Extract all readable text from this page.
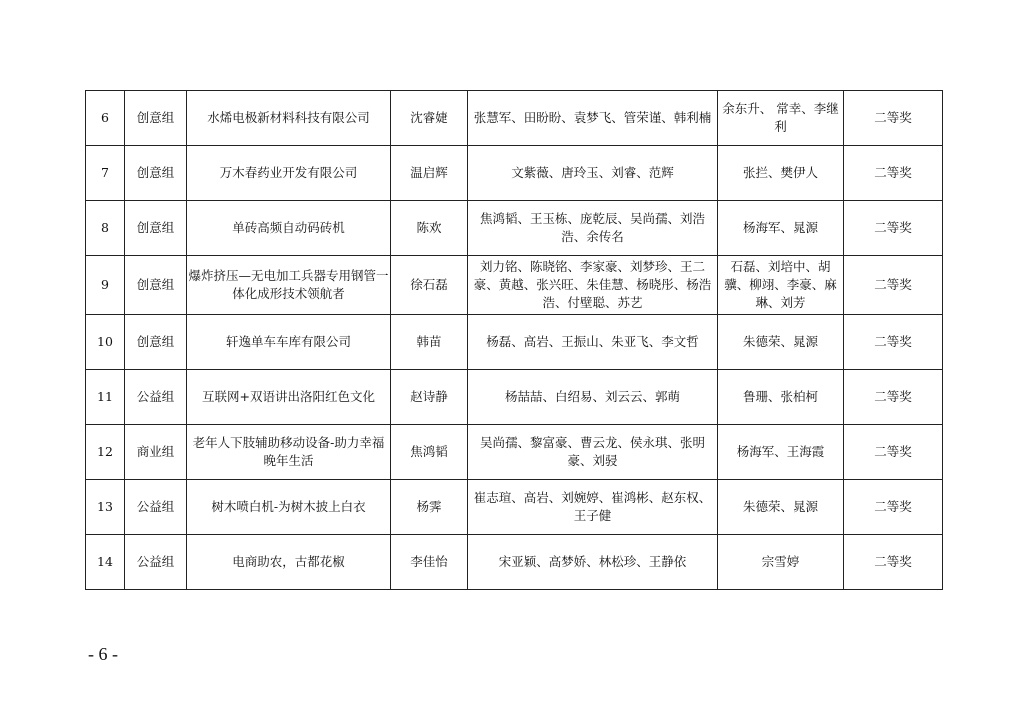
6	创意组	水烯电极新材料科技有限公司	沈睿婕	张慧军、田盼盼、袁梦飞、管荣谨、韩利楠	余东升、 常幸、李继利	二等奖
7	创意组	万木春药业开发有限公司	温启辉	文紫薇、唐玲玉、刘睿、范辉	张拦、樊伊人	二等奖
8	创意组	单砖高频自动码砖机	陈欢	焦鸿韬、王玉栋、庞乾辰、吴尚孺、刘浩浩、余传名	杨海军、晁源	二等奖
9	创意组	爆炸挤压—无电加工兵器专用钢管一体化成形技术领航者	徐石磊	刘力铭、陈晓铭、李家豪、刘梦珍、王二豪、黄越、张兴旺、朱佳慧、杨晓彤、杨浩浩、付壁聪、苏艺	石磊、刘培中、胡骥、柳翊、李豪、麻琳、刘芳	二等奖
10	创意组	轩逸单车车库有限公司	韩苗	杨磊、高岩、王振山、朱亚飞、李文哲	朱德荣、晁源	二等奖
11	公益组	互联网+双语讲出洛阳红色文化	赵诗静	杨喆喆、白绍易、刘云云、郭萌	鲁珊、张柏柯	二等奖
12	商业组	老年人下肢辅助移动设备-助力幸福晚年生活	焦鸿韬	吴尚孺、黎富豪、曹云龙、侯永琪、张明豪、刘骎	杨海军、王海霞	二等奖
13	公益组	树木喷白机-为树木披上白衣	杨霁	崔志瑄、高岩、刘婉婷、崔鸿彬、赵东权、王子健	朱德荣、晁源	二等奖
14	公益组	电商助农，古都花椒	李佳怡	宋亚颖、高梦娇、林松珍、王静依	宗雪婷	二等奖
- 6 -
